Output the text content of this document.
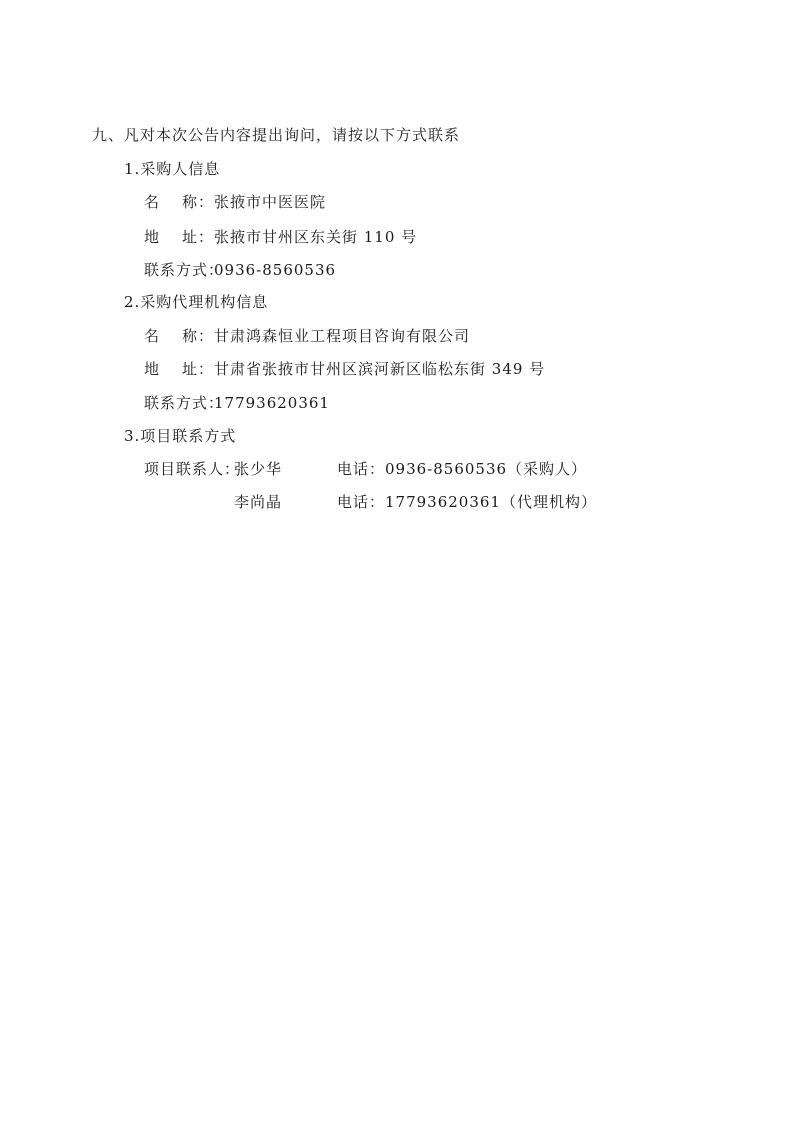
九、凡对本次公告内容提出询问，请按以下方式联系
1.采购人信息
名 称： 张掖市中医医院
地 址： 张掖市甘州区东关街 110 号
联系方式：
0936-8560536
2.采购代理机构信息
名 称： 甘肃鸿森恒业工程项目咨询有限公司
地 址： 甘肃省张掖市甘州区滨河新区临松东街 349 号
联系方式：
17793620361
3.项目联系方式
项目联系人：
张少华	电话：0936-8560536（采购人）
李尚晶	电话：17793620361（代理机构）
